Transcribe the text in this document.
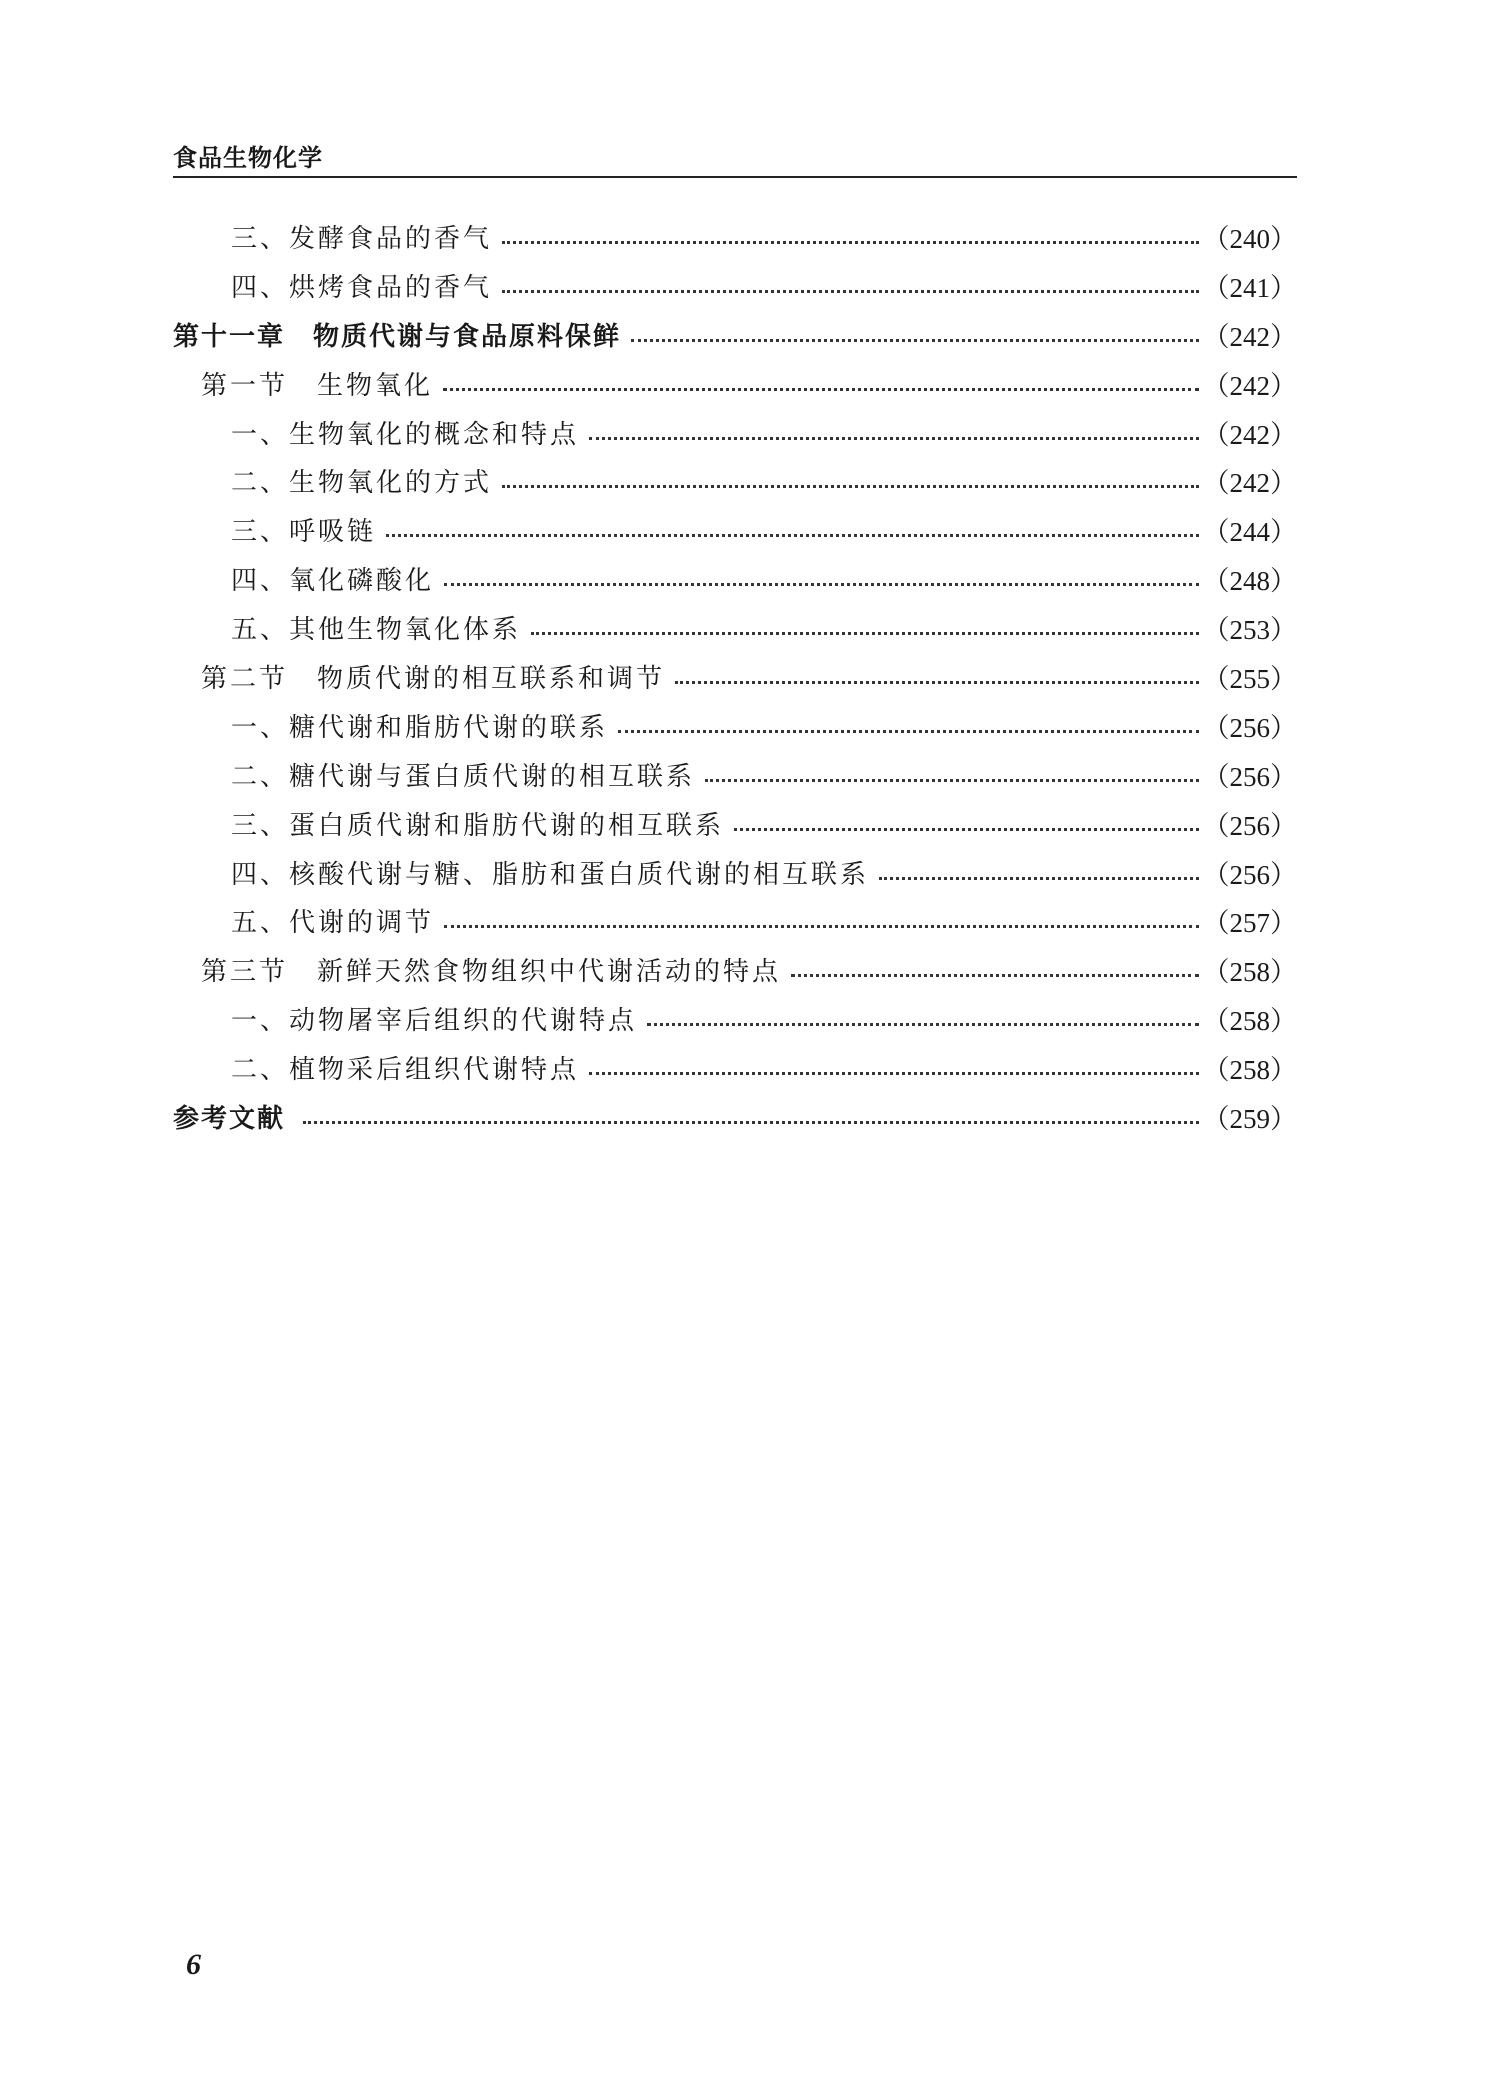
食品生物化学
三、发酵食品的香气	（240）
四、烘烤食品的香气	（241）
第十一章　物质代谢与食品原料保鲜	（242）
第一节　生物氧化	（242）
一、生物氧化的概念和特点	（242）
二、生物氧化的方式	（242）
三、呼吸链	（244）
四、氧化磷酸化	（248）
五、其他生物氧化体系	（253）
第二节　物质代谢的相互联系和调节	（255）
一、糖代谢和脂肪代谢的联系	（256）
二、糖代谢与蛋白质代谢的相互联系	（256）
三、蛋白质代谢和脂肪代谢的相互联系	（256）
四、核酸代谢与糖、脂肪和蛋白质代谢的相互联系	（256）
五、代谢的调节	（257）
第三节　新鲜天然食物组织中代谢活动的特点	（258）
一、动物屠宰后组织的代谢特点	（258）
二、植物采后组织代谢特点	（258）
参考文献	（259）
6
